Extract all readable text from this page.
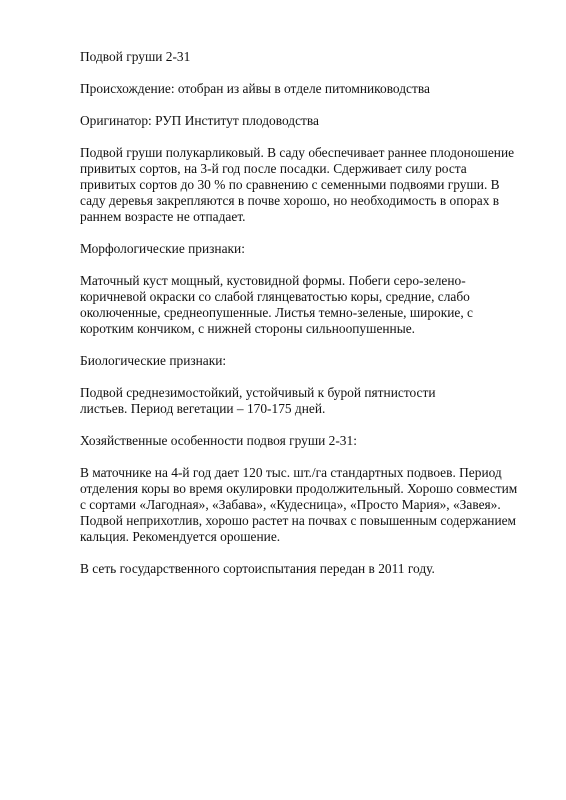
Подвой груши 2-31

Происхождение: отобран из айвы в отделе питомниководства

Оригинатор: РУП Институт плодоводства

Подвой груши полукарликовый. В саду обеспечивает раннее плодоношение
привитых сортов, на 3-й год после посадки. Сдерживает силу роста
привитых сортов до 30 % по сравнению с семенными подвоями груши. В
саду деревья закрепляются в почве хорошо, но необходимость в опорах в
раннем возрасте не отпадает.

Морфологические признаки:

Маточный куст мощный, кустовидной формы. Побеги серо-зелено-
коричневой окраски со слабой глянцеватостью коры, средние, слабо
околюченные, среднеопушенные. Листья темно-зеленые, широкие, с
коротким кончиком, с нижней стороны сильноопушенные.

Биологические признаки:

Подвой среднезимостойкий, устойчивый к бурой пятнистости
листьев. Период вегетации – 170-175 дней.

Хозяйственные особенности подвоя груши 2-31:

В маточнике на 4-й год дает 120 тыс. шт./га стандартных подвоев. Период
отделения коры во время окулировки продолжительный. Хорошо совместим
с сортами «Лагодная», «Забава», «Кудесница», «Просто Мария», «Завея».
Подвой неприхотлив, хорошо растет на почвах с повышенным содержанием
кальция. Рекомендуется орошение.

В сеть государственного сортоиспытания передан в 2011 году.
